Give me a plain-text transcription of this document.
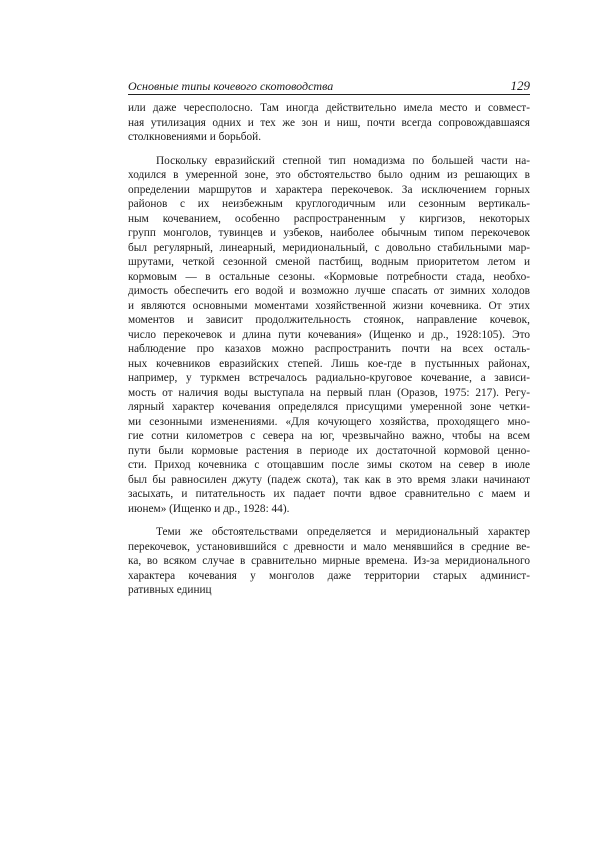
Основные типы кочевого скотоводства	129

или даже чересполосно. Там иногда действительно имела место и совмест-
ная утилизация одних и тех же зон и ниш, почти всегда сопровождавшаяся
столкновениями и борьбой.

Поскольку евразийский степной тип номадизма по большей части на-
ходился в умеренной зоне, это обстоятельство было одним из решающих в
определении маршрутов и характера перекочевок. За исключением горных
районов с их неизбежным круглогодичным или сезонным вертикаль-
ным кочеванием, особенно распространенным у киргизов, некоторых
групп монголов, тувинцев и узбеков, наиболее обычным типом перекочевок
был регулярный, линеарный, меридиональный, с довольно стабильными мар-
шрутами, четкой сезонной сменой пастбищ, водным приоритетом летом и
кормовым — в остальные сезоны. «Кормовые потребности стада, необхо-
димость обеспечить его водой и возможно лучше спасать от зимних холодов
и являются основными моментами хозяйственной жизни кочевника. От этих
моментов и зависит продолжительность стоянок, направление кочевок,
число перекочевок и длина пути кочевания» (Ищенко и др., 1928:105). Это
наблюдение про казахов можно распространить почти на всех осталь-
ных кочевников евразийских степей. Лишь кое-где в пустынных районах,
например, у туркмен встречалось радиально-круговое кочевание, а зависи-
мость от наличия воды выступала на первый план (Оразов, 1975: 217). Регу-
лярный характер кочевания определялся присущими умеренной зоне четки-
ми сезонными изменениями. «Для кочующего хозяйства, проходящего мно-
гие сотни километров с севера на юг, чрезвычайно важно, чтобы на всем
пути были кормовые растения в периоде их достаточной кормовой ценно-
сти. Приход кочевника с отощавшим после зимы скотом на север в июле
был бы равносилен джуту (падеж скота), так как в это время злаки начинают
засыхать, и питательность их падает почти вдвое сравнительно с маем и
июнем» (Ищенко и др., 1928: 44).

Теми же обстоятельствами определяется и меридиональный характер
перекочевок, установившийся с древности и мало менявшийся в средние ве-
ка, во всяком случае в сравнительно мирные времена. Из-за меридионального
характера кочевания у монголов даже территории старых админист-
ративных единиц
